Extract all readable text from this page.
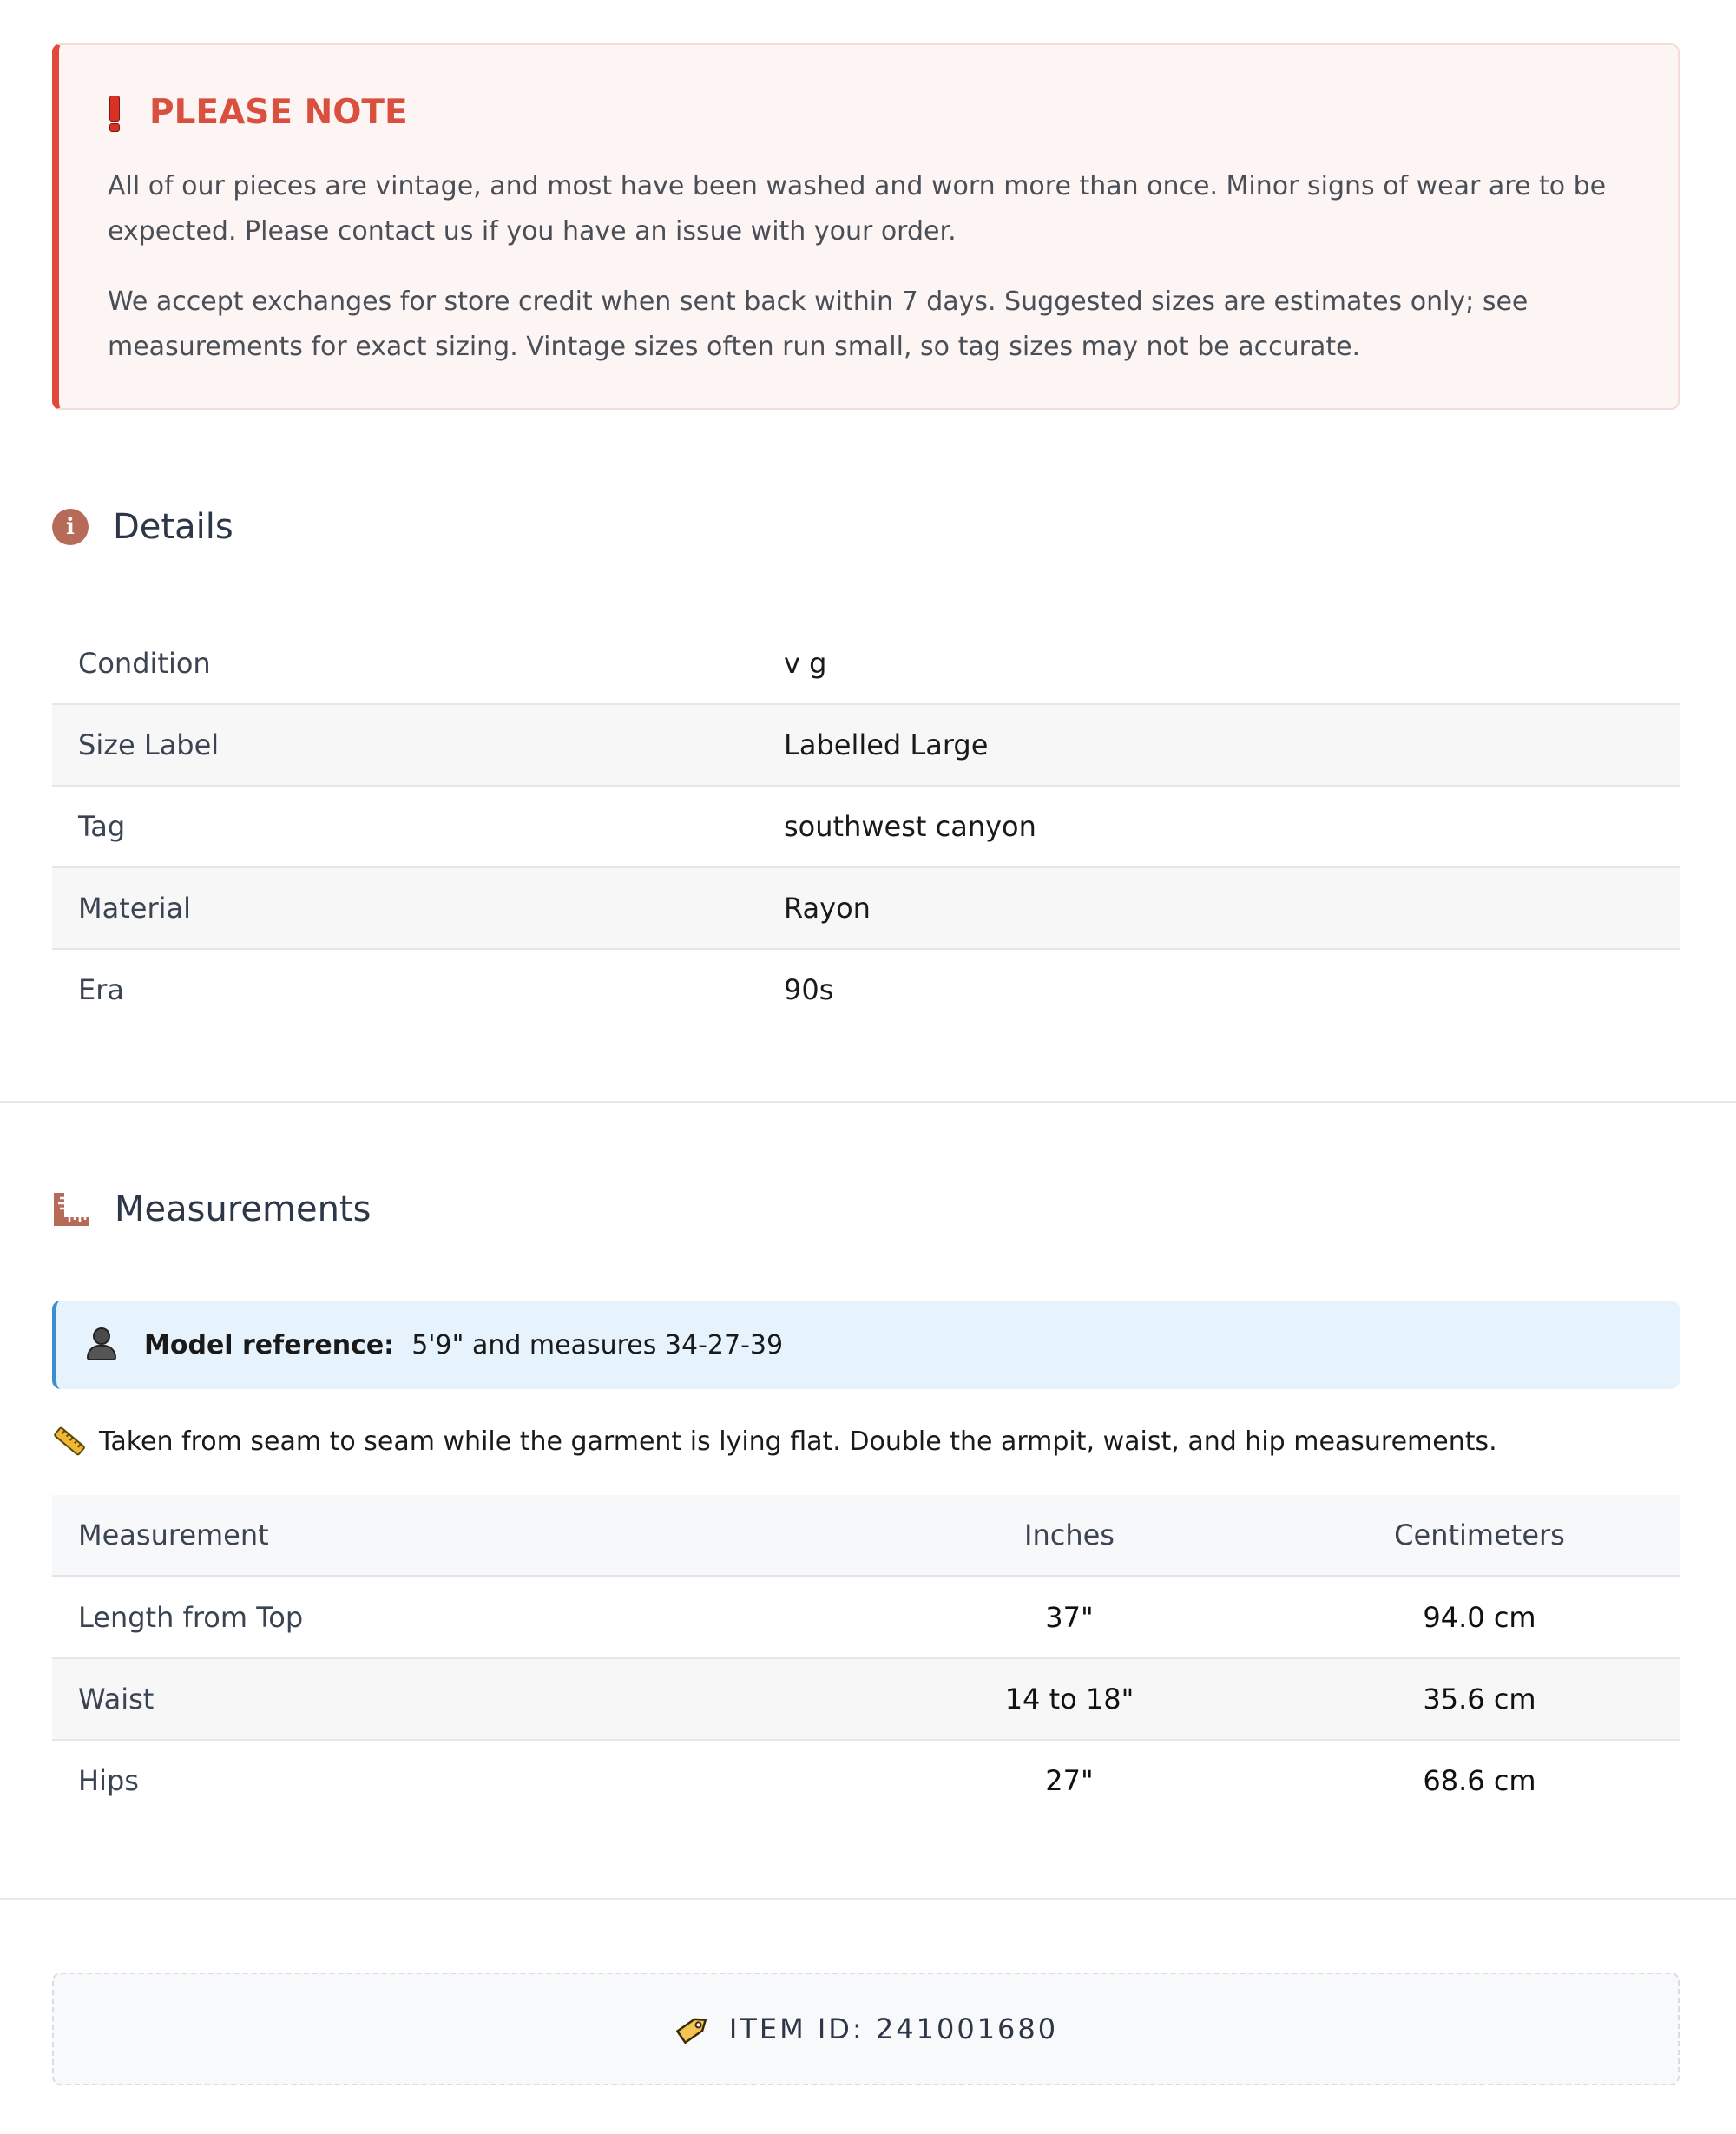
PLEASE NOTE

All of our pieces are vintage, and most have been washed and worn more than once. Minor signs of wear are to be expected. Please contact us if you have an issue with your order.

We accept exchanges for store credit when sent back within 7 days. Suggested sizes are estimates only; see measurements for exact sizing. Vintage sizes often run small, so tag sizes may not be accurate.

i	Details
Condition	v g
Size Label	Labelled Large
Tag	southwest canyon
Material	Rayon
Era	90s
Measurements
Model reference: 5'9" and measures 34-27-39
Taken from seam to seam while the garment is lying flat. Double the armpit, waist, and hip measurements.
Measurement	Inches	Centimeters
Length from Top	37"	94.0 cm
Waist	14 to 18"	35.6 cm
Hips	27"	68.6 cm
ITEM ID: 241001680
